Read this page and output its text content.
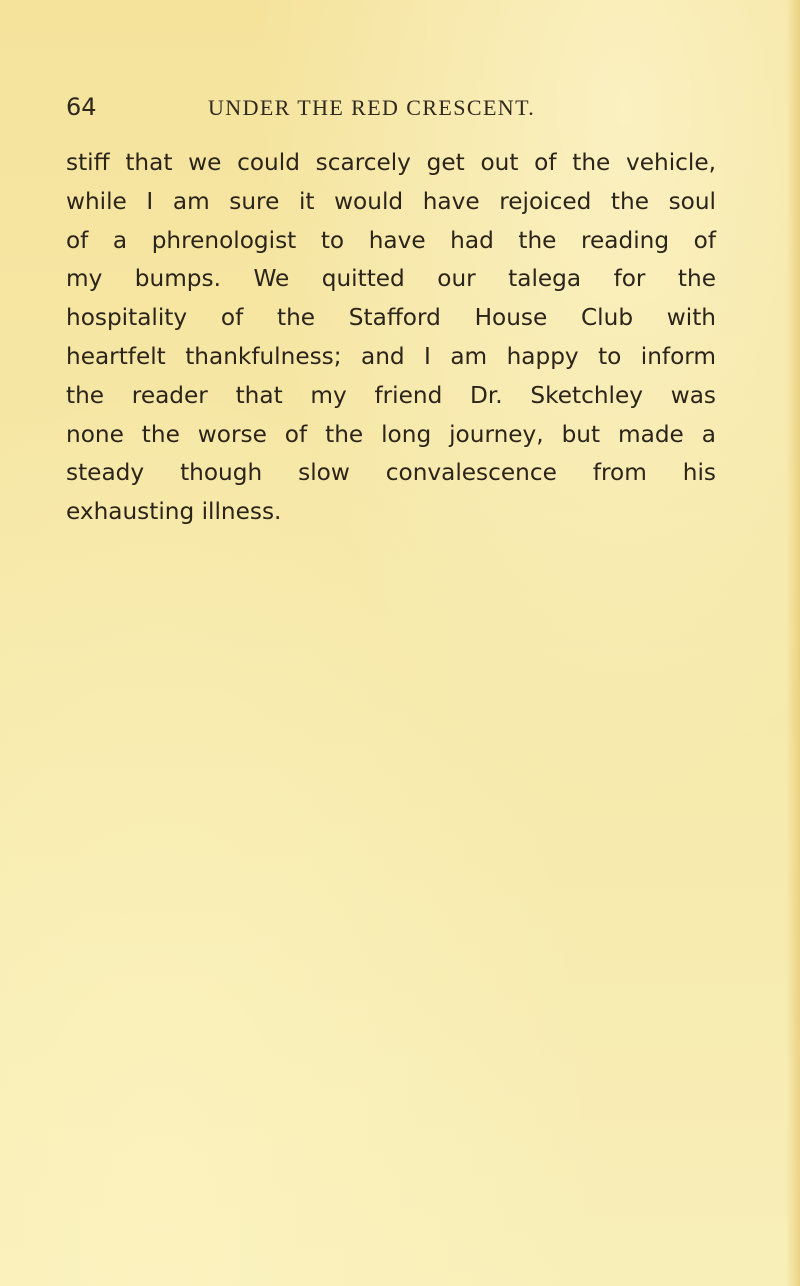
64	UNDER THE RED CRESCENT.
stiff that we could scarcely get out of the vehicle,
while I am sure it would have rejoiced the soul
of a phrenologist to have had the reading of
my bumps. We quitted our talega for the
hospitality of the Stafford House Club with
heartfelt thankfulness; and I am happy to inform
the reader that my friend Dr. Sketchley was
none the worse of the long journey, but made a
steady though slow convalescence from his
exhausting illness.
